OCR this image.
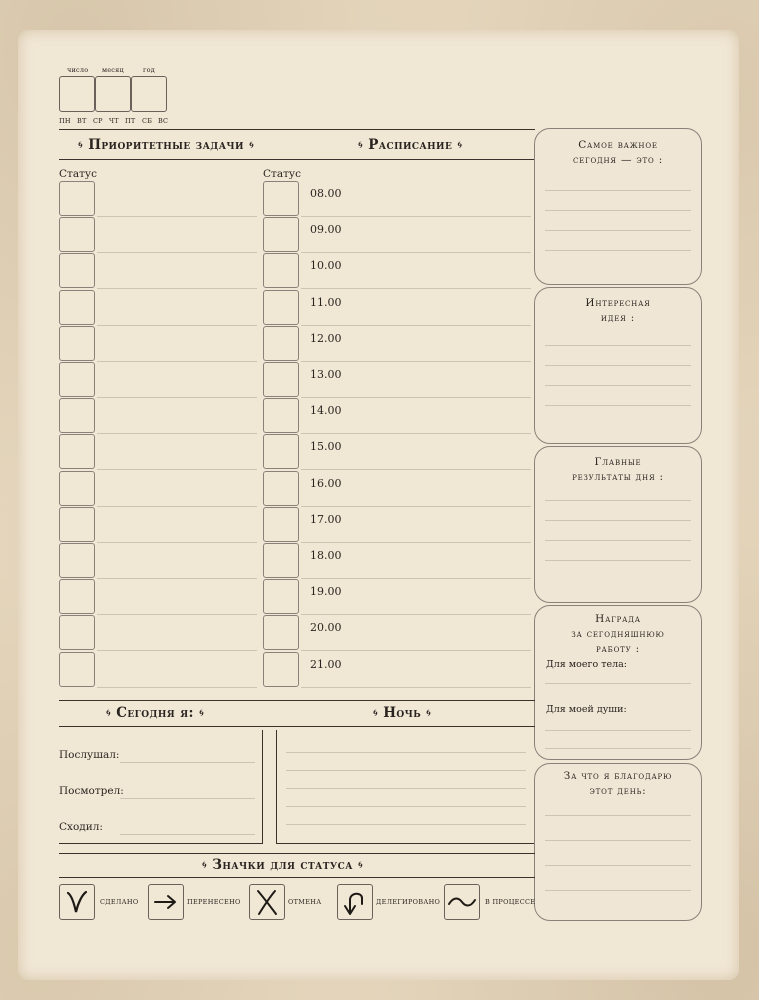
число месяц	год
ПН ВТ СР ЧТ ПТ СБ ВС
🌀︎ Приоритетные задачи 🌀︎	🌀︎ Расписание 🌀︎
Статус	Статус
08.00
09.00
10.00
11.00
12.00
13.00
14.00
15.00
16.00
17.00
18.00
19.00
20.00
21.00
Самое важное
сегодня — это :
Интересная
идея :
Главные
результаты дня :
Награда
за сегодняшнюю
работу :
Для моего тела:
Для моей души:
За что я благодарю
этот день:
🌀︎ Сегодня я: 🌀︎	🌀︎ Ночь 🌀︎
Послушал:
Посмотрел:
Сходил:
🌀︎ Значки для статуса 🌀︎
СДЕЛАНО	ПЕРЕНЕСЕНО	ОТМЕНА	ДЕЛЕГИРОВАНО	В ПРОЦЕССЕ
